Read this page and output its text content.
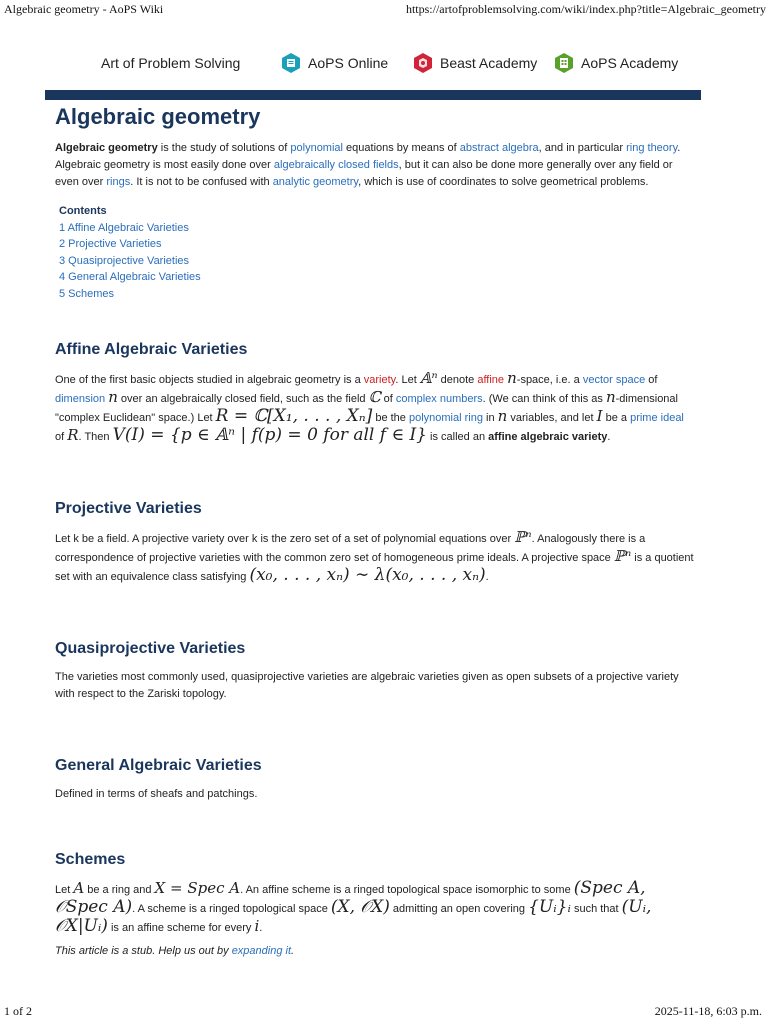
Algebraic geometry - AoPS Wiki	https://artofproblemsolving.com/wiki/index.php?title=Algebraic_geometry
Art of Problem Solving	AoPS Online	Beast Academy	AoPS Academy
Algebraic geometry

Algebraic geometry is the study of solutions of polynomial equations by means of abstract algebra, and in particular ring theory. Algebraic geometry is most easily done over algebraically closed fields, but it can also be done more generally over any field or even over rings. It is not to be confused with analytic geometry, which is use of coordinates to solve geometrical problems.

Contents
1 Affine Algebraic Varieties
2 Projective Varieties
3 Quasiprojective Varieties
4 General Algebraic Varieties
5 Schemes
Affine Algebraic Varieties

One of the first basic objects studied in algebraic geometry is a variety. Let 𝔸ⁿ denote affine n-space, i.e. a vector space of dimension n over an algebraically closed field, such as the field ℂ of complex numbers. (We can think of this as n-dimensional "complex Euclidean" space.) Let R = ℂ[X₁, . . . , Xₙ] be the polynomial ring in n variables, and let I be a prime ideal of R. Then V(I) = {p ∈ 𝔸ⁿ | f(p) = 0 for all f ∈ I} is called an affine algebraic variety.

Projective Varieties

Let k be a field. A projective variety over k is the zero set of a set of polynomial equations over ℙⁿ. Analogously there is a correspondence of projective varieties with the common zero set of homogeneous prime ideals. A projective space ℙⁿ is a quotient set with an equivalence class satisfying (x₀, . . . , xₙ) ∼ λ(x₀, . . . , xₙ).

Quasiprojective Varieties

The varieties most commonly used, quasiprojective varieties are algebraic varieties given as open subsets of a projective variety with respect to the Zariski topology.

General Algebraic Varieties

Defined in terms of sheafs and patchings.

Schemes

Let A be a ring and X = Spec A. An affine scheme is a ringed topological space isomorphic to some (Spec A, 𝒪Spec A). A scheme is a ringed topological space (X, 𝒪X) admitting an open covering {Uᵢ}ᵢ such that (Uᵢ, 𝒪X|Uᵢ) is an affine scheme for every i.

This article is a stub. Help us out by expanding it.

1 of 2	2025-11-18, 6:03 p.m.
